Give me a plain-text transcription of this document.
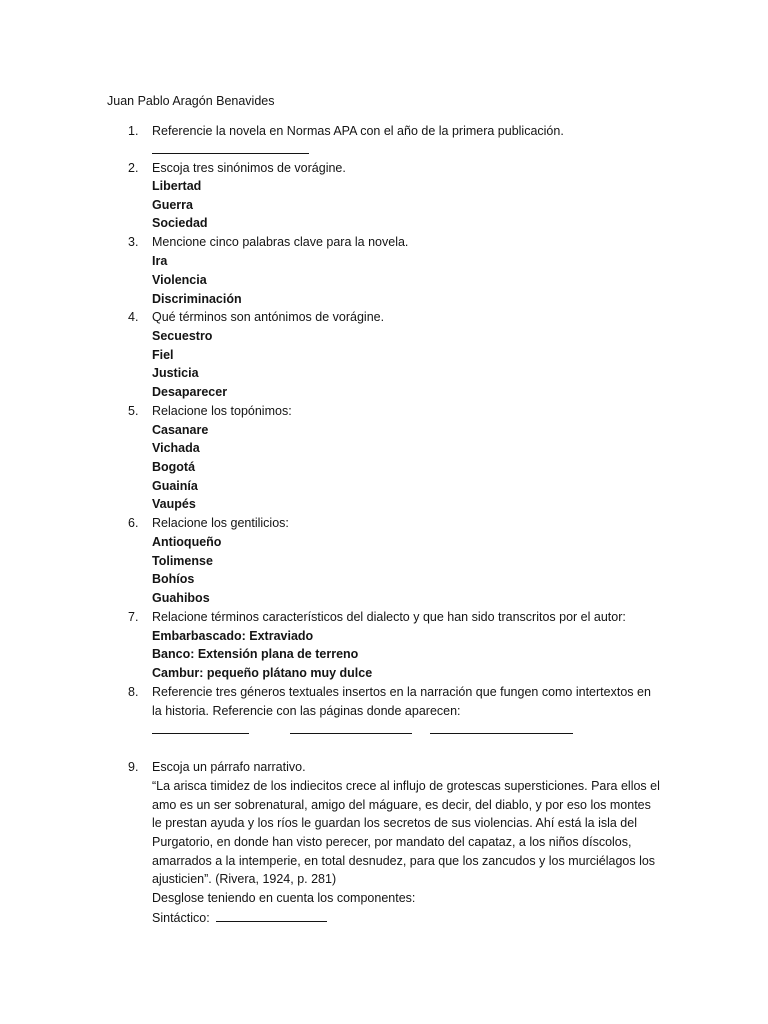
Juan Pablo Aragón Benavides
1. Referencie la novela en Normas APA con el año de la primera publicación.
2. Escoja tres sinónimos de vorágine.
Libertad
Guerra
Sociedad
3. Mencione cinco palabras clave para la novela.
Ira
Violencia
Discriminación
4. Qué términos son antónimos de vorágine.
Secuestro
Fiel
Justicia
Desaparecer
5. Relacione los topónimos:
Casanare
Vichada
Bogotá
Guainía
Vaupés
6. Relacione los gentilicios:
Antioqueño
Tolimense
Bohíos
Guahibos
7. Relacione términos característicos del dialecto y que han sido transcritos por el autor:
Embarbascado: Extraviado
Banco: Extensión plana de terreno
Cambur: pequeño plátano muy dulce
8. Referencie tres géneros textuales insertos en la narración que fungen como intertextos en
la historia. Referencie con las páginas donde aparecen:

9. Escoja un párrafo narrativo.
“La arisca timidez de los indiecitos crece al influjo de grotescas supersticiones. Para ellos el
amo es un ser sobrenatural, amigo del máguare, es decir, del diablo, y por eso los montes
le prestan ayuda y los ríos le guardan los secretos de sus violencias. Ahí está la isla del
Purgatorio, en donde han visto perecer, por mandato del capataz, a los niños díscolos,
amarrados a la intemperie, en total desnudez, para que los zancudos y los murciélagos los
ajusticien”. (Rivera, 1924, p. 281)
Desglose teniendo en cuenta los componentes:
Sintáctico:
